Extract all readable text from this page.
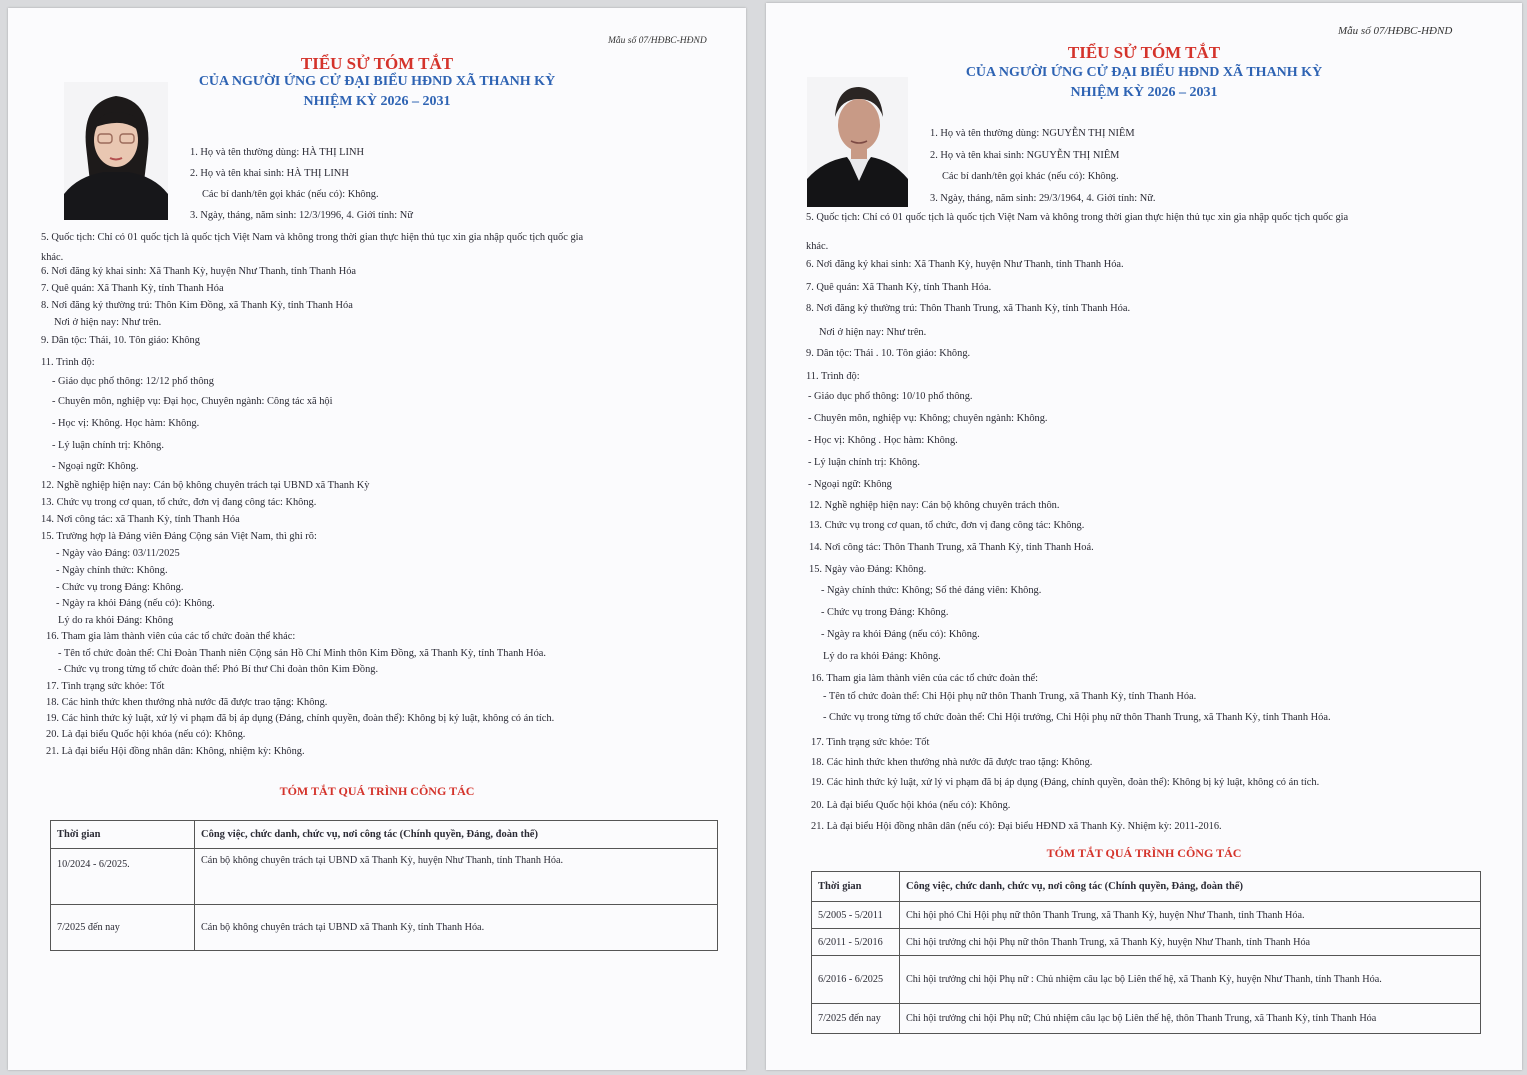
Mẫu số 07/HĐBC-HĐND
TIỂU SỬ TÓM TẮT
CỦA NGƯỜI ỨNG CỬ ĐẠI BIỂU HĐND XÃ THANH KỲ
NHIỆM KỲ 2026 – 2031
1. Họ và tên thường dùng: HÀ THỊ LINH
2. Họ và tên khai sinh: HÀ THỊ LINH
Các bí danh/tên gọi khác (nếu có): Không.
3. Ngày, tháng, năm sinh: 12/3/1996, 4. Giới tính: Nữ
5. Quốc tịch: Chỉ có 01 quốc tịch là quốc tịch Việt Nam và không trong thời gian thực hiện thủ tục xin gia nhập quốc tịch quốc gia
khác.
6. Nơi đăng ký khai sinh: Xã Thanh Kỳ, huyện Như Thanh, tỉnh Thanh Hóa
7. Quê quán: Xã Thanh Kỳ, tỉnh Thanh Hóa
8. Nơi đăng ký thường trú: Thôn Kim Đồng, xã Thanh Kỳ, tỉnh Thanh Hóa
Nơi ở hiện nay: Như trên.
9. Dân tộc: Thái, 10. Tôn giáo: Không
11. Trình độ:
- Giáo dục phổ thông: 12/12 phổ thông
- Chuyên môn, nghiệp vụ: Đại học, Chuyên ngành: Công tác xã hội
- Học vị: Không. Học hàm: Không.
- Lý luận chính trị: Không.
- Ngoại ngữ: Không.
12. Nghề nghiệp hiện nay: Cán bộ không chuyên trách tại UBND xã Thanh Kỳ
13. Chức vụ trong cơ quan, tổ chức, đơn vị đang công tác: Không.
14. Nơi công tác: xã Thanh Kỳ, tỉnh Thanh Hóa
15. Trường hợp là Đảng viên Đảng Cộng sản Việt Nam, thì ghi rõ:
- Ngày vào Đảng: 03/11/2025
- Ngày chính thức: Không.
- Chức vụ trong Đảng: Không.
- Ngày ra khỏi Đảng (nếu có): Không.
Lý do ra khỏi Đảng: Không
16. Tham gia làm thành viên của các tổ chức đoàn thể khác:
- Tên tổ chức đoàn thể: Chi Đoàn Thanh niên Cộng sản Hồ Chí Minh thôn Kim Đồng, xã Thanh Kỳ, tỉnh Thanh Hóa.
- Chức vụ trong từng tổ chức đoàn thể: Phó Bí thư Chi đoàn thôn Kim Đồng.
17. Tình trạng sức khỏe: Tốt
18. Các hình thức khen thưởng nhà nước đã được trao tặng: Không.
19. Các hình thức kỷ luật, xử lý vi phạm đã bị áp dụng (Đảng, chính quyền, đoàn thể): Không bị kỷ luật, không có án tích.
20. Là đại biểu Quốc hội khóa (nếu có): Không.
21. Là đại biểu Hội đồng nhân dân: Không, nhiệm kỳ: Không.
TÓM TẮT QUÁ TRÌNH CÔNG TÁC
Thời gian	Công việc, chức danh, chức vụ, nơi công tác (Chính quyền, Đảng, đoàn thể)
10/2024 - 6/2025.	Cán bộ không chuyên trách tại UBND xã Thanh Kỳ, huyện Như Thanh, tỉnh Thanh Hóa.
7/2025 đến nay	Cán bộ không chuyên trách tại UBND xã Thanh Kỳ, tỉnh Thanh Hóa.
Mẫu số 07/HĐBC-HĐND
TIỂU SỬ TÓM TẮT
CỦA NGƯỜI ỨNG CỬ ĐẠI BIỂU HĐND XÃ THANH KỲ
NHIỆM KỲ 2026 – 2031
1. Họ và tên thường dùng: NGUYỄN THỊ NIÊM
2. Họ và tên khai sinh: NGUYỄN THỊ NIÊM
Các bí danh/tên gọi khác (nếu có): Không.
3. Ngày, tháng, năm sinh: 29/3/1964, 4. Giới tính: Nữ.
5. Quốc tịch: Chỉ có 01 quốc tịch là quốc tịch Việt Nam và không trong thời gian thực hiện thủ tục xin gia nhập quốc tịch quốc gia
khác.
6. Nơi đăng ký khai sinh: Xã Thanh Kỳ, huyện Như Thanh, tỉnh Thanh Hóa.
7. Quê quán: Xã Thanh Kỳ, tỉnh Thanh Hóa.
8. Nơi đăng ký thường trú: Thôn Thanh Trung, xã Thanh Kỳ, tỉnh Thanh Hóa.
Nơi ở hiện nay: Như trên.
9. Dân tộc: Thái . 10. Tôn giáo: Không.
11. Trình độ:
- Giáo dục phổ thông: 10/10 phổ thông.
- Chuyên môn, nghiệp vụ: Không; chuyên ngành: Không.
- Học vị: Không . Học hàm: Không.
- Lý luận chính trị: Không.
- Ngoại ngữ: Không
12. Nghề nghiệp hiện nay: Cán bộ không chuyên trách thôn.
13. Chức vụ trong cơ quan, tổ chức, đơn vị đang công tác: Không.
14. Nơi công tác: Thôn Thanh Trung, xã Thanh Kỳ, tỉnh Thanh Hoá.
15. Ngày vào Đảng: Không.
- Ngày chính thức: Không; Số thẻ đảng viên: Không.
- Chức vụ trong Đảng: Không.
- Ngày ra khỏi Đảng (nếu có): Không.
Lý do ra khỏi Đảng: Không.
16. Tham gia làm thành viên của các tổ chức đoàn thể:
- Tên tổ chức đoàn thể: Chi Hội phụ nữ thôn Thanh Trung, xã Thanh Kỳ, tỉnh Thanh Hóa.
- Chức vụ trong từng tổ chức đoàn thể: Chi Hội trưởng, Chi Hội phụ nữ thôn Thanh Trung, xã Thanh Kỳ, tỉnh Thanh Hóa.
17. Tình trạng sức khỏe: Tốt
18. Các hình thức khen thưởng nhà nước đã được trao tặng: Không.
19. Các hình thức kỷ luật, xử lý vi phạm đã bị áp dụng (Đảng, chính quyền, đoàn thể): Không bị kỷ luật, không có án tích.
20. Là đại biểu Quốc hội khóa (nếu có): Không.
21. Là đại biểu Hội đồng nhân dân (nếu có): Đại biểu HĐND xã Thanh Kỳ. Nhiệm kỳ: 2011-2016.
TÓM TẮT QUÁ TRÌNH CÔNG TÁC
Thời gian	Công việc, chức danh, chức vụ, nơi công tác (Chính quyền, Đảng, đoàn thể)
5/2005 - 5/2011	Chi hội phó Chi Hội phụ nữ thôn Thanh Trung, xã Thanh Kỳ, huyện Như Thanh, tỉnh Thanh Hóa.
6/2011 - 5/2016	Chi hội trưởng chi hội Phụ nữ thôn Thanh Trung, xã Thanh Kỳ, huyện Như Thanh, tỉnh Thanh Hóa
6/2016 - 6/2025	Chi hội trưởng chi hội Phụ nữ : Chủ nhiệm câu lạc bộ Liên thế hệ, xã Thanh Kỳ, huyện Như Thanh, tỉnh Thanh Hóa.
7/2025 đến nay	Chi hội trưởng chi hội Phụ nữ; Chủ nhiệm câu lạc bộ Liên thế hệ, thôn Thanh Trung, xã Thanh Kỳ, tỉnh Thanh Hóa
